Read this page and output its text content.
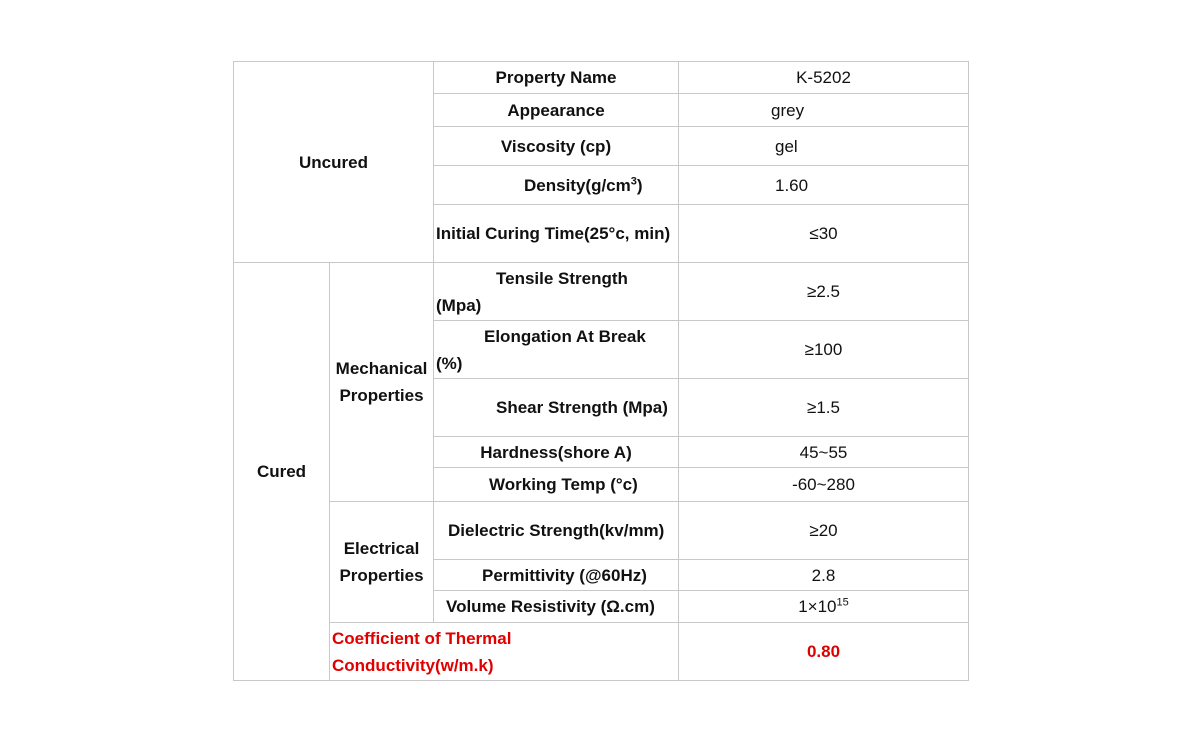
Uncured		Property Name	K-5202
		Appearance	grey
		Viscosity (cp)	gel
		$Density(g/cm^3)$	1.60
		Initial Curing Time(25°c, min)	≤30
Cured	Mechanical Properties	Tensile Strength (Mpa)	≥2.5
		Elongation At Break (%)	≥100
		Shear Strength (Mpa)	≥1.5
		Hardness(shore A)	45~55
		Working Temp (°c)	-60~280
	Electrical Properties	Dielectric Strength(kv/mm)	≥20
		Permittivity (@60Hz)	2.8
		Volume Resistivity (Ω.cm)	$1\times 10^{15}$
	Coefficient of Thermal Conductivity(w/m.k)		0.80
